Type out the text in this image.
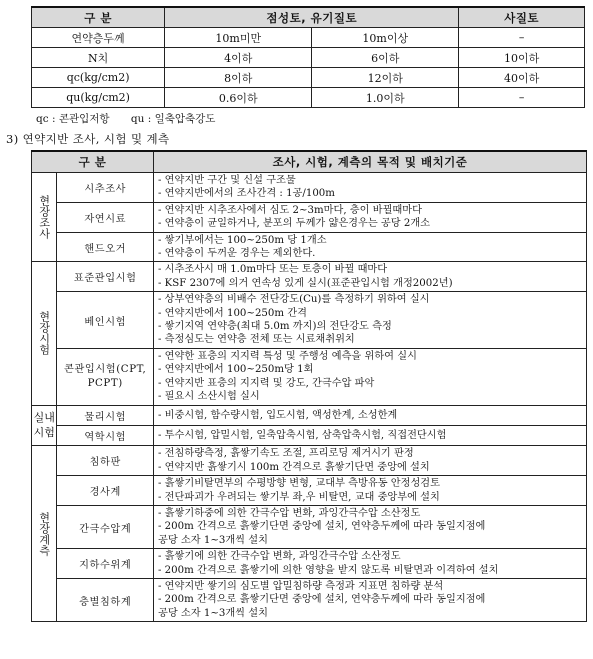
구 분	점성토, 유기질토		사질토
연약층두께	10m미만	10m이상	–
N치	4이하	6이하	10이하
qc(kg/cm2)	8이하	12이하	40이하
qu(kg/cm2)	0.6이하	1.0이하	–
qc : 콘관입저항 qu : 일축압축강도
3) 연약지반 조사, 시험 및 계측
구 분		조사, 시험, 계측의 목적 및 배치기준

현장조사	시추조사	- 연약지반 구간 및 신설 구조물
- 연약지반에서의 조사간격 : 1공/100m

	자연시료	- 연약지반 시추조사에서 심도 2~3m마다, 층이 바뀔때마다
- 연약층이 균일하거나, 분포의 두께가 얇은경우는 공당 2개소

	핸드오거	- 쌓기부에서는 100~250m 당 1개소
- 연약층이 두꺼운 경우는 제외한다.

현장시험	표준관입시험	- 시추조사시 매 1.0m마다 또는 토층이 바뀔 때마다
- KSF 2307에 의거 연속성 있게 실시(표준관입시험 개정2002년)

	베인시험	- 상부연약층의 비배수 전단강도(Cu)를 측정하기 위하여 실시
- 연약지반에서 100~250m 간격
- 쌓기지역 연약층(최대 5.0m 까지)의 전단강도 측정
- 측정심도는 연약층 전체 또는 시료채취위치

	콘관입시험(CPT, PCPT)	- 연약한 표층의 지지력 특성 및 주행성 예측을 위하여 실시
- 연약지반에서 100~250m당 1회
- 연약지반 표층의 지지력 및 강도, 간극수압 파악
- 필요시 소산시험 실시

실내시험	물리시험	- 비중시험, 함수량시험, 입도시험, 액성한계, 소성한계

	역학시험	- 투수시험, 압밀시험, 일축압축시험, 삼축압축시험, 직접전단시험

현장계측	침하판	- 전침하량측정, 흙쌓기속도 조절, 프리로딩 제거시기 판정
- 연약지반 흙쌓기시 100m 간격으로 흙쌓기단면 중앙에 설치

	경사계	- 흙쌓기비탈면부의 수평방향 변형, 교대부 측방유동 안정성검토
- 전단파괴가 우려되는 쌓기부 좌,우 비탈면, 교대 중앙부에 설치

	간극수압계	- 흙쌓기하중에 의한 간극수압 변화, 과잉간극수압 소산정도
- 200m 간격으로 흙쌓기단면 중앙에 설치, 연약층두께에 따라 동일지점에
공당 소자 1~3개씩 설치

	지하수위계	- 흙쌓기에 의한 간극수압 변화, 과잉간극수압 소산정도
- 200m 간격으로 흙쌓기에 의한 영향을 받지 않도록 비탈면과 이격하여 설치

	층별침하계	- 연약지반 쌓기의 심도별 압밀침하량 측정과 지표면 침하량 분석
- 200m 간격으로 흙쌓기단면 중앙에 설치, 연약층두께에 따라 동일지점에
공당 소자 1~3개씩 설치
